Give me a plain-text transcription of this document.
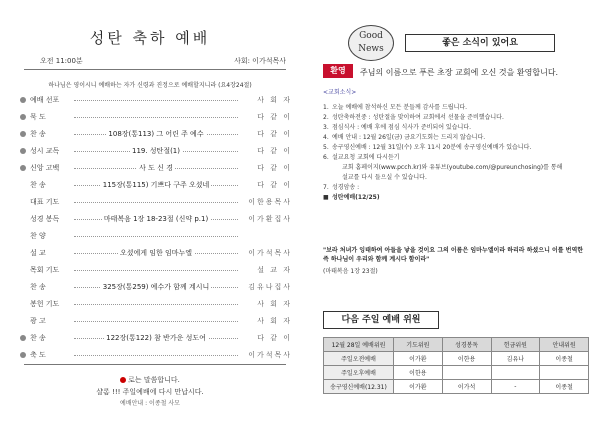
성탄 축하 예배
오전 11:00분	사회: 이가석목사
하나님은 영이시니 예배하는 자가 신령과 진정으로 예배할지니라 (요4장24절)
예배 선포	사 회 자
묵 도	다 같 이
찬 송	108장(통113) 그 어린 주 예수	다 같 이
성시 교독	119. 성탄절(1)	다 같 이
신앙 고백	사 도 신 경	다 같 이
찬 송	115장(통115) 기쁘다 구주 오셨네	다 같 이
대표 기도	이한용목사
성경 봉독	마태복음 1장 18-23절 (신약 p.1)	이가환집사
찬 양
설 교	오셨에게 임한 임마누엘	이가석목사
목회 기도	설 교 자
찬 송	325장(통259) 예수가 함께 계시니	김유나집사
봉헌 기도	사 회 자
광 고	사 회 자
찬 송	122장(통122) 참 반가운 성도여	다 같 이
축 도	이가석목사
로는 말씀합니다.
샬롬 !!! 주일예배에 다시 만납시다.
예배안내 : 이종철 사모
Good
News
좋은 소식이 있어요
환영	주님의 이름으로 푸른 초장 교회에 오신 것을 환영합니다.
<교회소식>
1. 오늘 예배에 참석하신 모든 분들께 감사를 드립니다.
2. 성탄축하전중 : 성탄절을 맞이하여 교회에서 선물을 준비했습니다.
3. 점심식사 : 예배 후에 점심 식사가 준비되어 있습니다.
4. 예배 안내 : 12월 26일(금) 금요기도회는 드리지 않습니다.
5. 송구영신예배 : 12월 31일(수) 오후 11시 20분에 송구영신예배가 있습니다.
6. 설교요청 교회에 다시듣기
교회 홈페이지(www.pcch.kr)와 유튜브(youtube.com/@pureunchosing)를 통해
설교를 다시 들으실 수 있습니다.
7. 성경암송 :
■ 성탄예배(12/25)
"보라 처녀가 잉태하여 아들을 낳을 것이요 그의 이름은 임마누엘이라 하리라 하셨으니 이를 번역한즉 하나님이 우리와 함께 계시다 함이라"
(마태복음 1장 23절)
다음 주일 예배 위원
12월 28일 예배위원	기도위원	성경봉독	헌금위원	안내위원
주일오전예배	이가환	이한용	김유나	이종철
주일오후예배	이한용			
송구영신예배(12.31)	이가환	이가석	-	이종철
